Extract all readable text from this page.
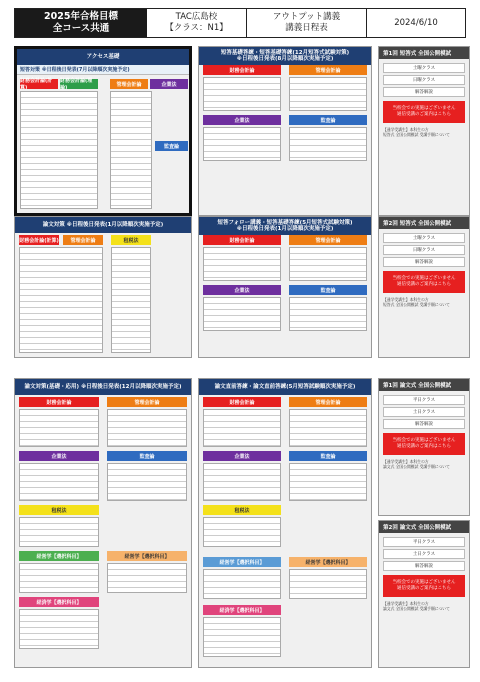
2025年合格目標
全コース共通
TAC広島校
【クラス：N1】
アウトプット講義
講義日程表	2024/6/10
アクセス基礎
短答対策 ※日程後日発表(7月以降順次実施予定)
財務会計論(計算)
財務会計論(理論)
管理会計論	企業法
監査論
短答基礎答練・短答基礎答練(12月短答式試験対策)
※日程後日発表(8月以降順次実施予定)
財務会計論	管理会計論
企業法	監査論
論文対策 ※日程後日発表(1月以降順次実施予定)
財務会計論(計算)	管理会計論	租税法
短答フォロー講義・短答基礎答練(5月短答式試験対策)
※日程後日発表(1月以降順次実施予定)
財務会計論	管理会計論
企業法	監査論
論文対策(基礎・応用) ※日程後日発表(12月以降順次実施予定)
財務会計論	管理会計論
企業法	監査論
租税法
経営学【選択科目】	経営学【選択科目】
経済学【選択科目】
論文直前答練・論文直前答練(5月短答試験順次実施予定)
財務会計論	管理会計論
企業法	監査論
租税法
経営学【選択科目】	経営学【選択科目】
経済学【選択科目】
第1回 短答式 全国公開模試
土曜クラス
日曜クラス
解答解説
当校会での実施はございません
通信受講のご案内はこちら
【通学受講生】本科生の方
短答式 全国公開模試 受講手順について
第2回 短答式 全国公開模試
土曜クラス
日曜クラス
解答解説
当校会での実施はございません
通信受講のご案内はこちら
【通学受講生】本科生の方
短答式 全国公開模試 受講手順について
第1回 論文式 全国公開模試
平日クラス
土日クラス
解答解説
当校会での実施はございません
通信受講のご案内はこちら
【通学受講生】本科生の方
論文式 全国公開模試 受講手順について
第2回 論文式 全国公開模試
平日クラス
土日クラス
解答解説
当校会での実施はございません
通信受講のご案内はこちら
【通学受講生】本科生の方
論文式 全国公開模試 受講手順について
